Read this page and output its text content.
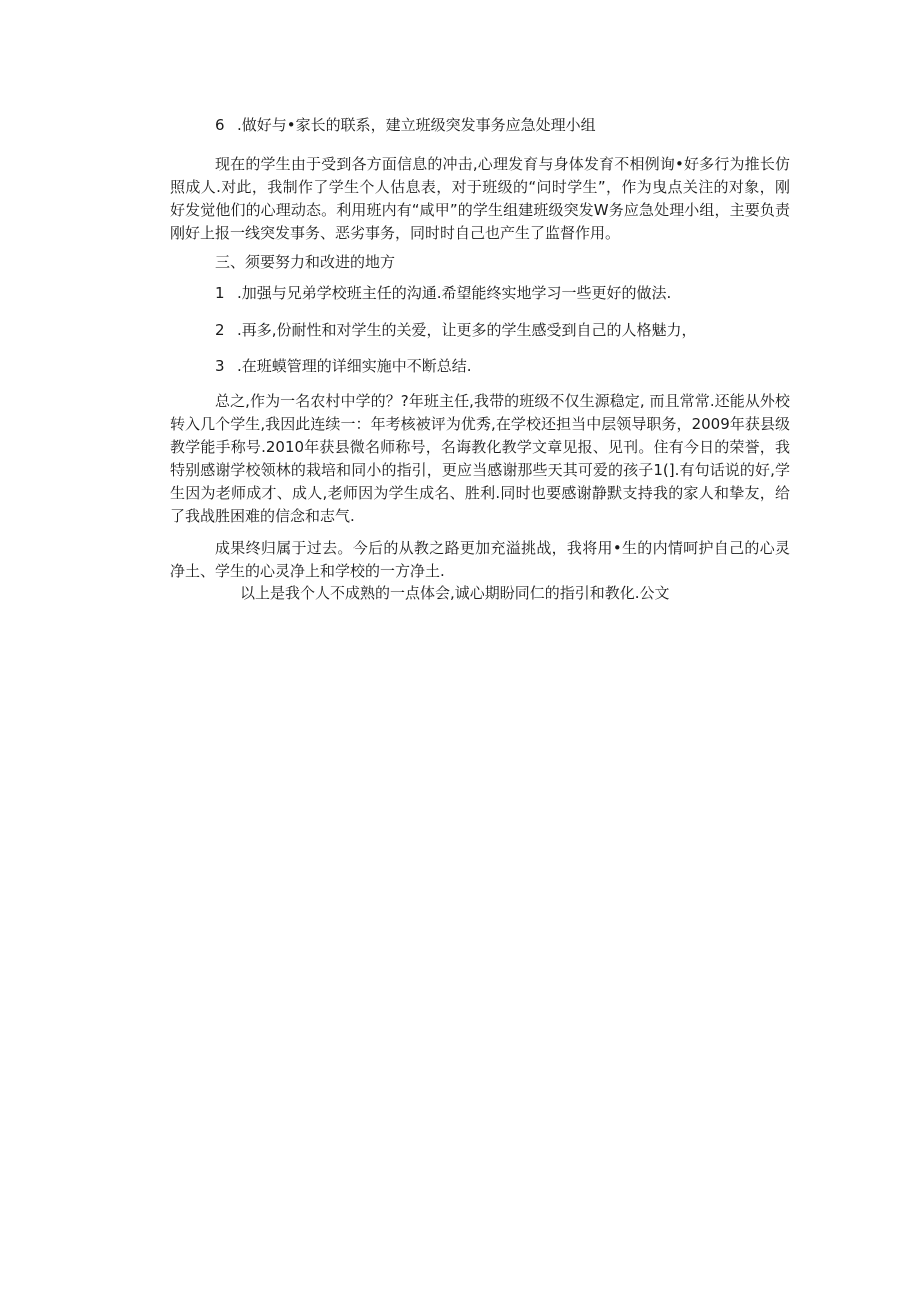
6 .做好与•家长的联系，建立班级突发事务应急处理小组
现在的学生由于受到各方面信息的冲击,心理发育与身体发育不相例询•好多行为推长仿照成人.对此，我制作了学生个人估息表，对于班级的“问时学生”，作为曳点关注的对象，刚好发觉他们的心理动态。利用班内有“咸甲”的学生组建班级突发W务应急处理小组，主要负责刚好上报一线突发事务、恶劣事务，同时时自己也产生了监督作用。
三、须要努力和改进的地方
1 .加强与兄弟学校班主任的沟通.希望能终实地学习一些更好的做法.
2 .再多,份耐性和对学生的关爱，让更多的学生感受到自己的人格魅力，
3 .在班蟆管理的详细实施中不断总结.
总之,作为一名农村中学的？?年班主任,我带的班级不仅生源稳定, 而且常常.还能从外校转入几个学生,我因此连续一：年考核被评为优秀,在学校还担当中层领导职务，2009年获县级教学能手称号.2010年获县微名师称号，名诲教化教学文章见报、见刊。住有今日的荣誉，我特别感谢学校领林的栽培和同小的指引，更应当感谢那些天其可爱的孩子1(].有句话说的好,学生因为老师成才、成人,老师因为学生成名、胜利.同时也要感谢静默支持我的家人和挚友，给了我战胜困难的信念和志气.
成果终归属于过去。今后的从教之路更加充溢挑战，我将用•生的内情呵护自己的心灵净土、学生的心灵净上和学校的一方净土.
以上是我个人不成熟的一点体会,诚心期盼同仁的指引和教化.公文
